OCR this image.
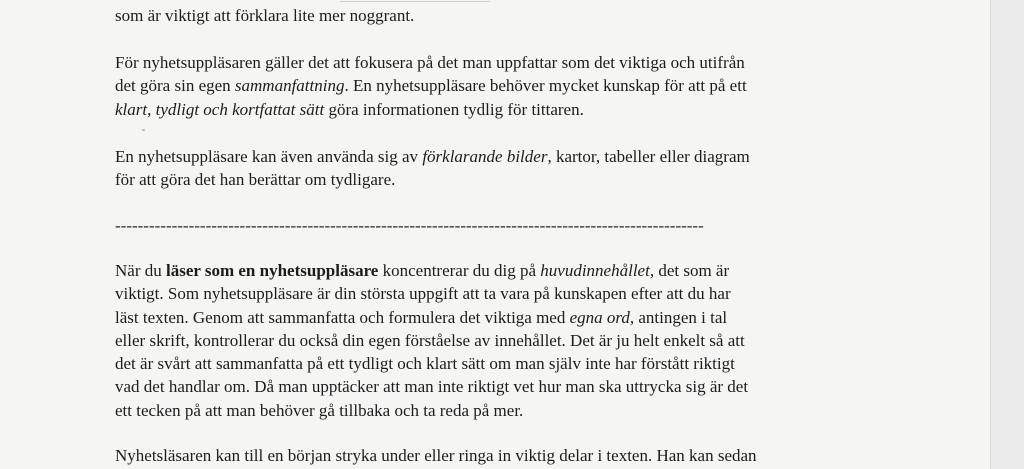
som är viktigt att förklara lite mer noggrant.
För nyhetsuppläsaren gäller det att fokusera på det man uppfattar som det viktiga och utifrån
det göra sin egen sammanfattning. En nyhetsuppläsare behöver mycket kunskap för att på ett
klart, tydligt och kortfattat sätt göra informationen tydlig för tittaren.
En nyhetsuppläsare kan även använda sig av förklarande bilder, kartor, tabeller eller diagram
för att göra det han berättar om tydligare.
--------------------------------------------------------------------------------------------------------
När du läser som en nyhetsuppläsare koncentrerar du dig på huvudinnehållet, det som är
viktigt. Som nyhetsuppläsare är din största uppgift att ta vara på kunskapen efter att du har
läst texten. Genom att sammanfatta och formulera det viktiga med egna ord, antingen i tal
eller skrift, kontrollerar du också din egen förståelse av innehållet. Det är ju helt enkelt så att
det är svårt att sammanfatta på ett tydligt och klart sätt om man själv inte har förstått riktigt
vad det handlar om. Då man upptäcker att man inte riktigt vet hur man ska uttrycka sig är det
ett tecken på att man behöver gå tillbaka och ta reda på mer.
Nyhetsläsaren kan till en början stryka under eller ringa in viktig delar i texten. Han kan sedan
